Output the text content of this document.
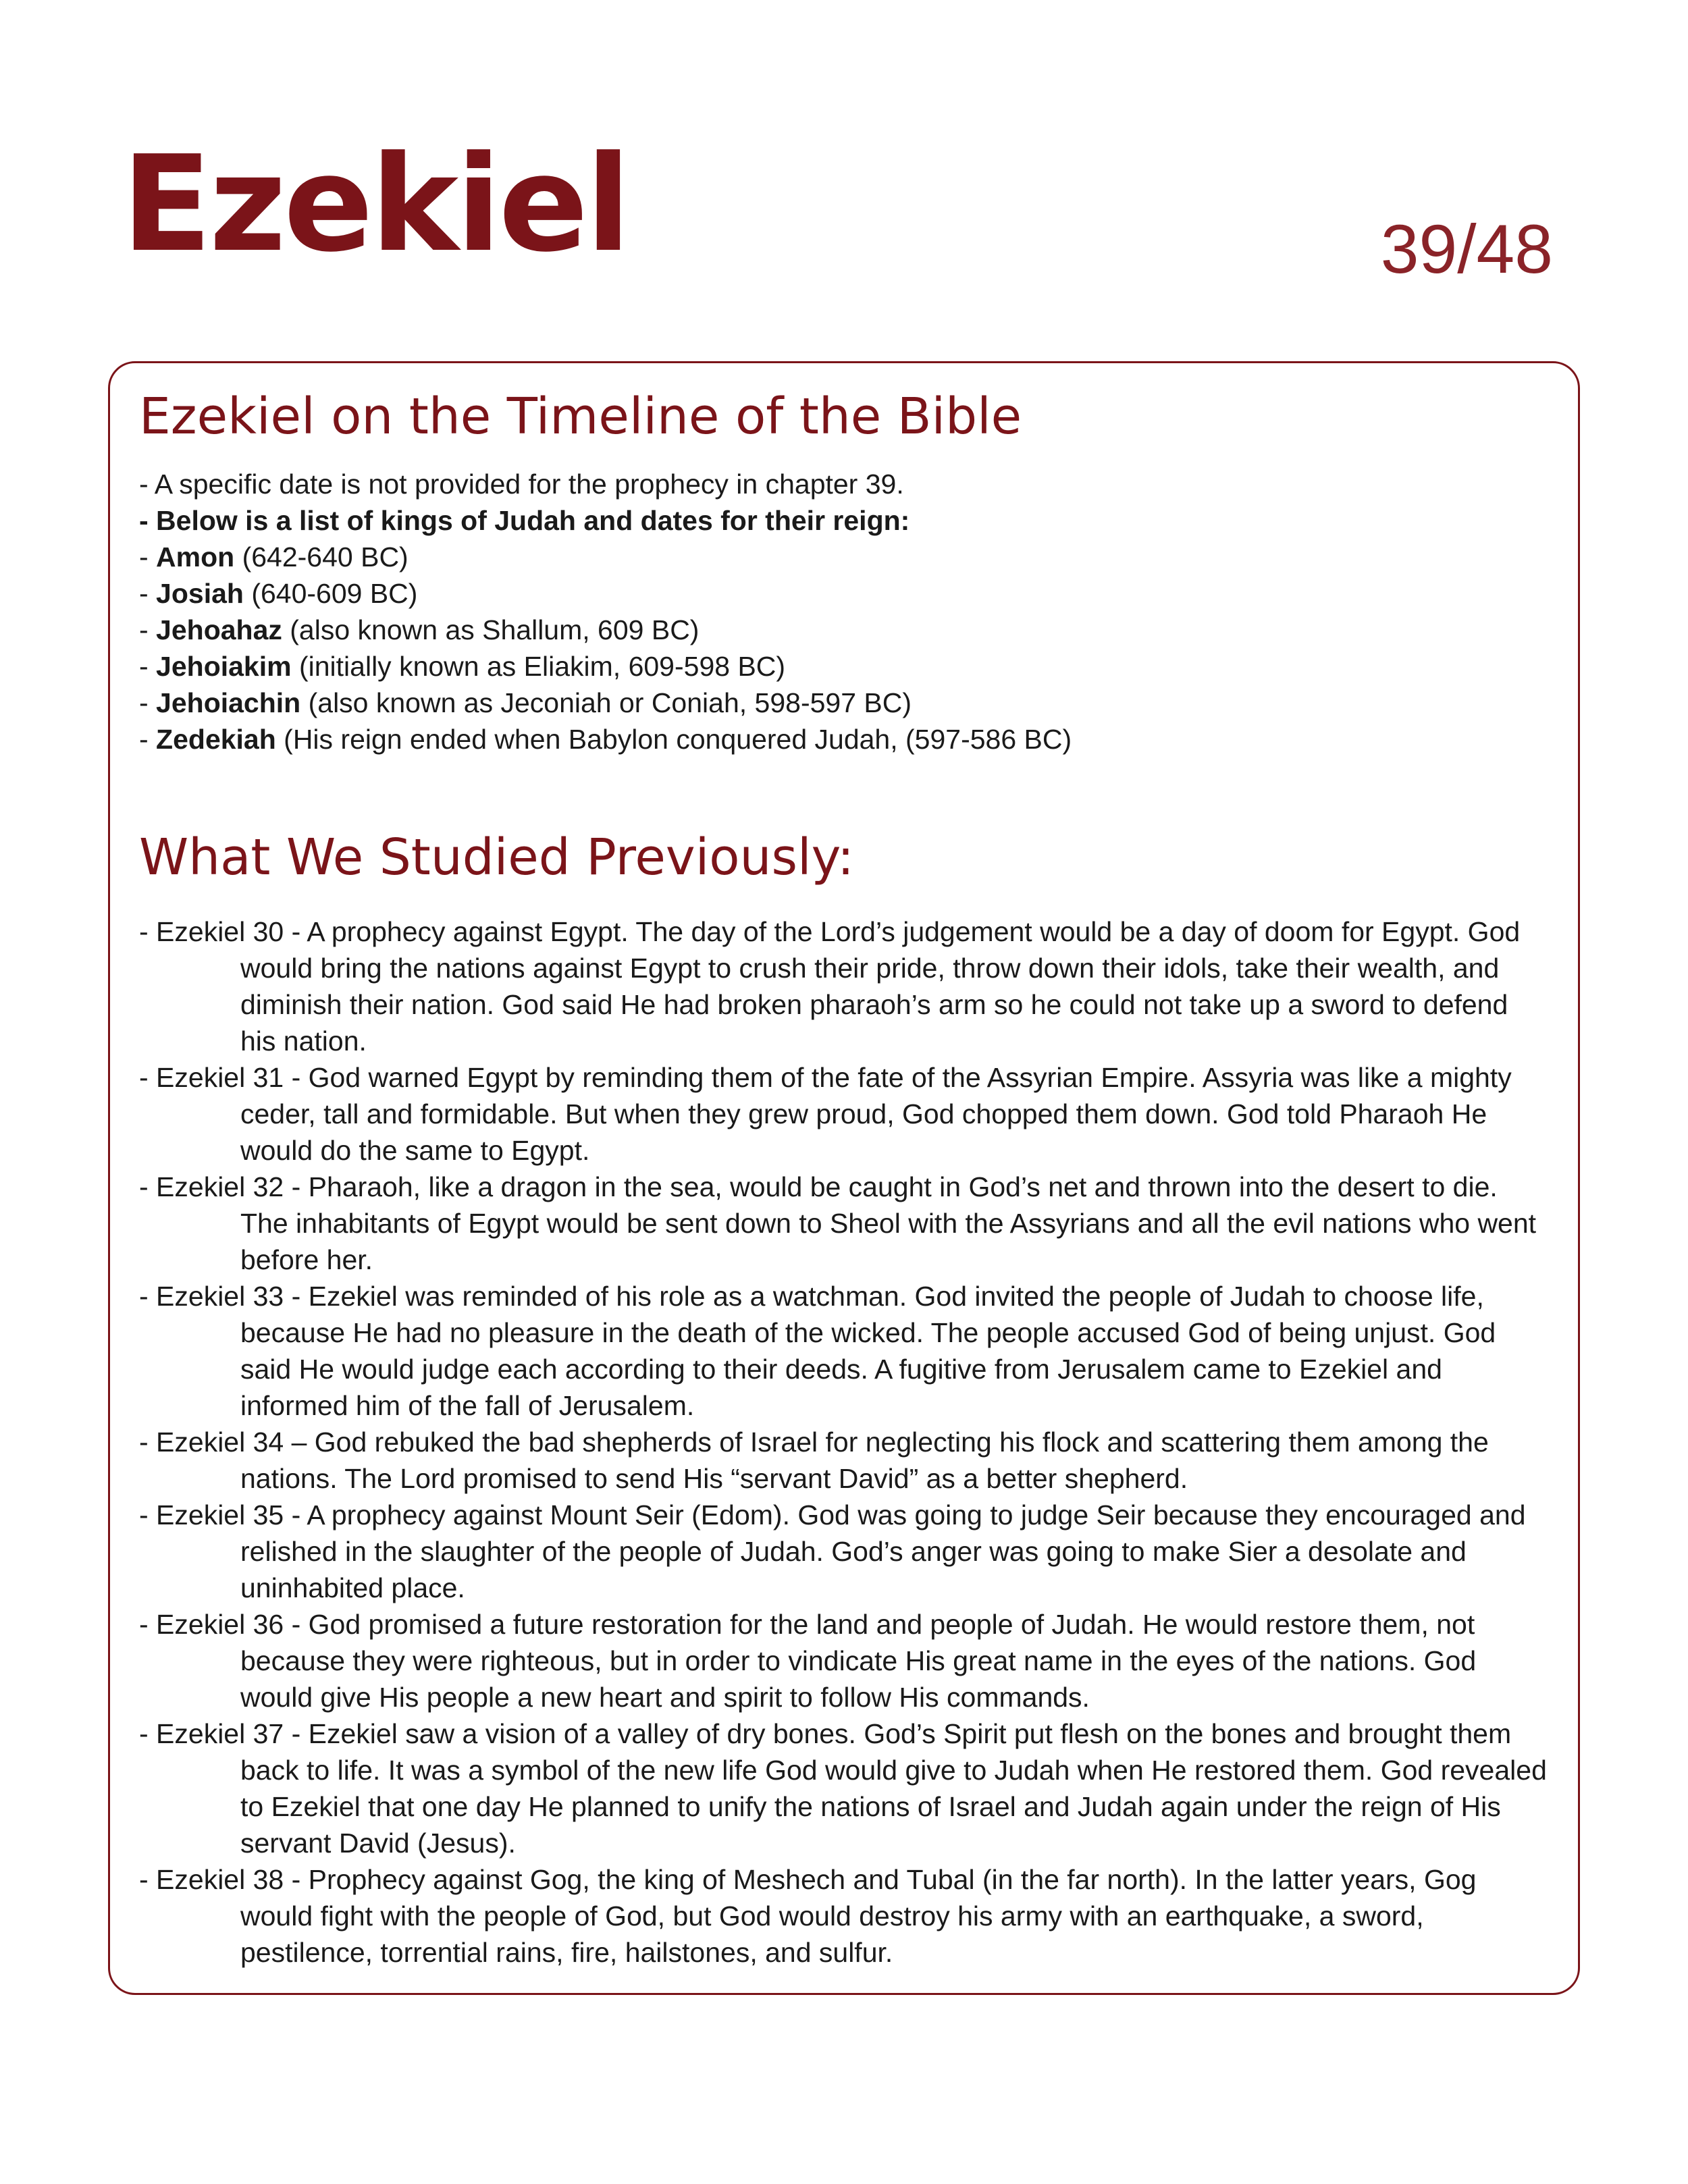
Ezekiel	39/48
Ezekiel on the Timeline of the Bible
- A specific date is not provided for the prophecy in chapter 39.
- Below is a list of kings of Judah and dates for their reign:
- Amon (642-640 BC)
- Josiah (640-609 BC)
- Jehoahaz (also known as Shallum, 609 BC)
- Jehoiakim (initially known as Eliakim, 609-598 BC)
- Jehoiachin (also known as Jeconiah or Coniah, 598-597 BC)
- Zedekiah (His reign ended when Babylon conquered Judah, (597-586 BC)
What We Studied Previously:
- Ezekiel 30 - A prophecy against Egypt. The day of the Lord’s judgement would be a day of doom for Egypt. God would bring the nations against Egypt to crush their pride, throw down their idols, take their wealth, and diminish their nation. God said He had broken pharaoh’s arm so he could not take up a sword to defend his nation.
- Ezekiel 31 - God warned Egypt by reminding them of the fate of the Assyrian Empire. Assyria was like a mighty ceder, tall and formidable. But when they grew proud, God chopped them down. God told Pharaoh He would do the same to Egypt.
- Ezekiel 32 - Pharaoh, like a dragon in the sea, would be caught in God’s net and thrown into the desert to die. The inhabitants of Egypt would be sent down to Sheol with the Assyrians and all the evil nations who went before her.
- Ezekiel 33 - Ezekiel was reminded of his role as a watchman. God invited the people of Judah to choose life, because He had no pleasure in the death of the wicked. The people accused God of being unjust. God said He would judge each according to their deeds. A fugitive from Jerusalem came to Ezekiel and informed him of the fall of Jerusalem.
- Ezekiel 34 – God rebuked the bad shepherds of Israel for neglecting his flock and scattering them among the nations. The Lord promised to send His “servant David” as a better shepherd.
- Ezekiel 35 - A prophecy against Mount Seir (Edom). God was going to judge Seir because they encouraged and relished in the slaughter of the people of Judah. God’s anger was going to make Sier a desolate and uninhabited place.
- Ezekiel 36 - God promised a future restoration for the land and people of Judah. He would restore them, not because they were righteous, but in order to vindicate His great name in the eyes of the nations. God would give His people a new heart and spirit to follow His commands.
- Ezekiel 37 - Ezekiel saw a vision of a valley of dry bones. God’s Spirit put flesh on the bones and brought them back to life. It was a symbol of the new life God would give to Judah when He restored them. God revealed to Ezekiel that one day He planned to unify the nations of Israel and Judah again under the reign of His servant David (Jesus).
- Ezekiel 38 - Prophecy against Gog, the king of Meshech and Tubal (in the far north). In the latter years, Gog would fight with the people of God, but God would destroy his army with an earthquake, a sword, pestilence, torrential rains, fire, hailstones, and sulfur.
